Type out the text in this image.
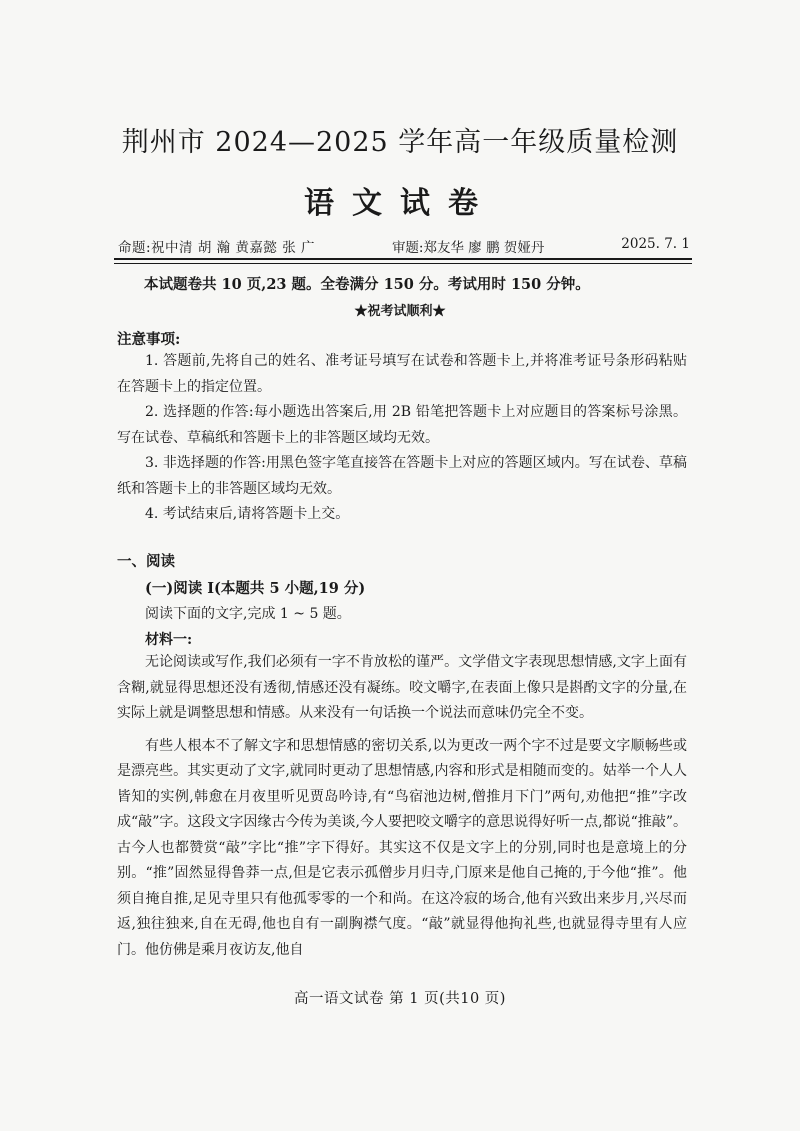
荆州市 2024—2025 学年高一年级质量检测
语文试卷
命题:祝中清 胡 瀚 黄嘉懿 张 广	审题:郑友华 廖 鹏 贺娅丹	2025. 7. 1
本试题卷共 10 页,23 题。全卷满分 150 分。考试用时 150 分钟。
★祝考试顺利★
注意事项:

1. 答题前,先将自己的姓名、准考证号填写在试卷和答题卡上,并将准考证号条形码粘贴在答题卡上的指定位置。

2. 选择题的作答:每小题选出答案后,用 2B 铅笔把答题卡上对应题目的答案标号涂黑。写在试卷、草稿纸和答题卡上的非答题区域均无效。

3. 非选择题的作答:用黑色签字笔直接答在答题卡上对应的答题区域内。写在试卷、草稿纸和答题卡上的非答题区域均无效。

4. 考试结束后,请将答题卡上交。

一、阅读
(一)阅读 I(本题共 5 小题,19 分)
阅读下面的文字,完成 1 ~ 5 题。
材料一:

无论阅读或写作,我们必须有一字不肯放松的谨严。文学借文字表现思想情感,文字上面有含糊,就显得思想还没有透彻,情感还没有凝练。咬文嚼字,在表面上像只是斟酌文字的分量,在实际上就是调整思想和情感。从来没有一句话换一个说法而意味仍完全不变。

有些人根本不了解文字和思想情感的密切关系,以为更改一两个字不过是要文字顺畅些或是漂亮些。其实更动了文字,就同时更动了思想情感,内容和形式是相随而变的。姑举一个人人皆知的实例,韩愈在月夜里听见贾岛吟诗,有“鸟宿池边树,僧推月下门”两句,劝他把“推”字改成“敲”字。这段文字因缘古今传为美谈,今人要把咬文嚼字的意思说得好听一点,都说“推敲”。古今人也都赞赏“敲”字比“推”字下得好。其实这不仅是文字上的分别,同时也是意境上的分别。“推”固然显得鲁莽一点,但是它表示孤僧步月归寺,门原来是他自己掩的,于今他“推”。他须自掩自推,足见寺里只有他孤零零的一个和尚。在这冷寂的场合,他有兴致出来步月,兴尽而返,独往独来,自在无碍,他也自有一副胸襟气度。“敲”就显得他拘礼些,也就显得寺里有人应门。他仿佛是乘月夜访友,他自

高一语文试卷 第 1 页(共10 页)
